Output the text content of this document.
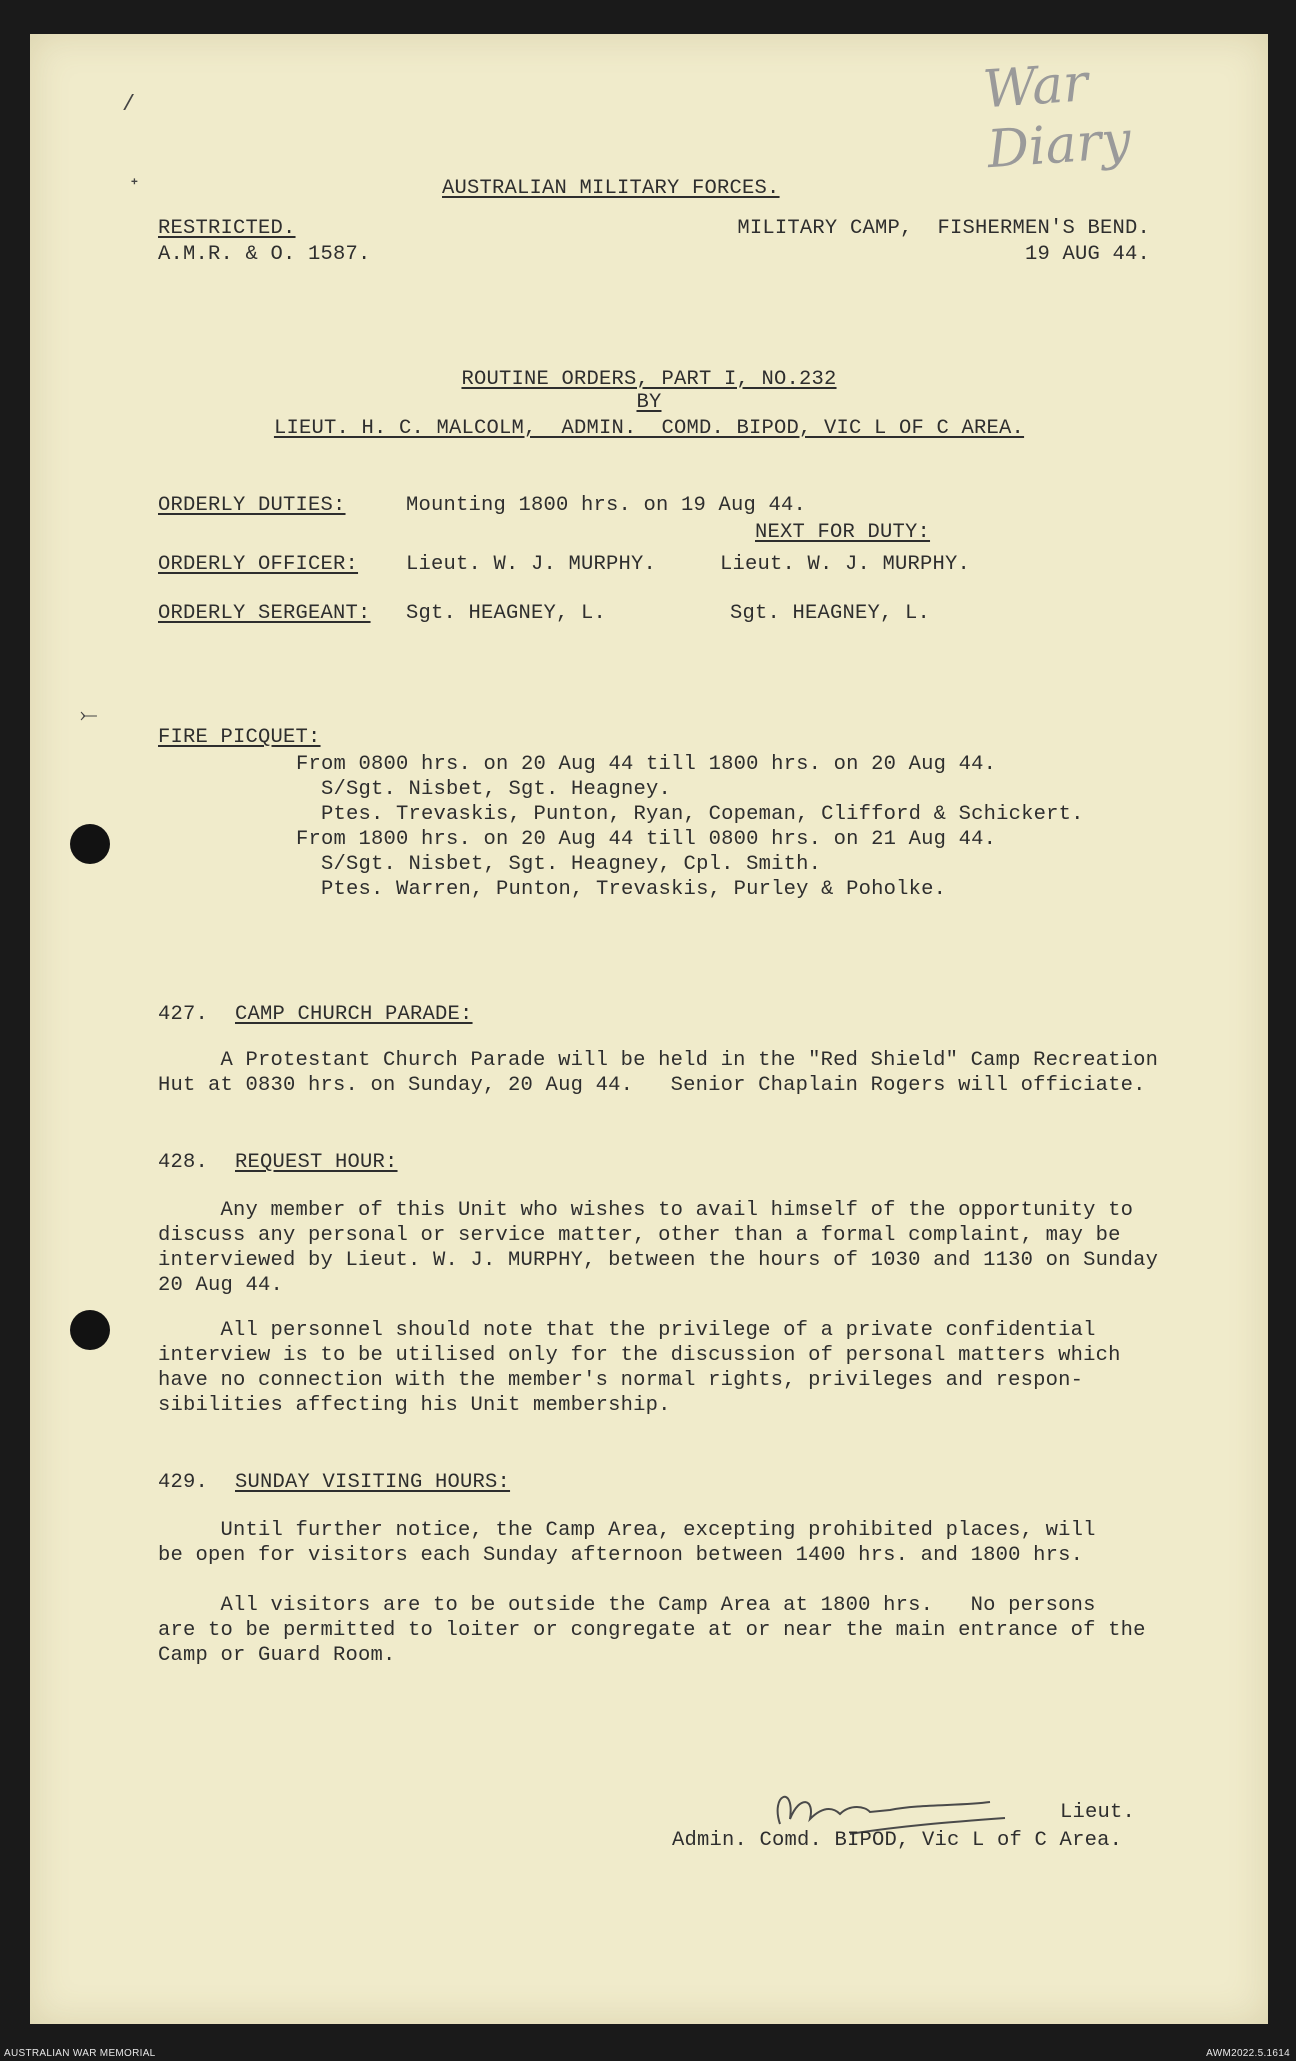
War Diary
/
ᐩ
⤚
AUSTRALIAN MILITARY FORCES.
RESTRICTED.
A.M.R. & O. 1587.
MILITARY CAMP,  FISHERMEN'S BEND.
19 AUG 44.
ROUTINE ORDERS, PART I, NO.232
BY
LIEUT. H. C. MALCOLM,  ADMIN.  COMD. BIPOD, VIC L OF C AREA.
ORDERLY DUTIES:	Mounting 1800 hrs. on 19 Aug 44.
NEXT FOR DUTY:
ORDERLY OFFICER: Lieut. W. J. MURPHY.	Lieut. W. J. MURPHY.
ORDERLY SERGEANT: Sgt. HEAGNEY, L.	Sgt. HEAGNEY, L.
FIRE PICQUET:
From 0800 hrs. on 20 Aug 44 till 1800 hrs. on 20 Aug 44.
S/Sgt. Nisbet, Sgt. Heagney.
Ptes. Trevaskis, Punton, Ryan, Copeman, Clifford & Schickert.
From 1800 hrs. on 20 Aug 44 till 0800 hrs. on 21 Aug 44.
S/Sgt. Nisbet, Sgt. Heagney, Cpl. Smith.
Ptes. Warren, Punton, Trevaskis, Purley & Poholke.
427. CAMP CHURCH PARADE:
A Protestant Church Parade will be held in the "Red Shield" Camp Recreation
Hut at 0830 hrs. on Sunday, 20 Aug 44.   Senior Chaplain Rogers will officiate.
428. REQUEST HOUR:
Any member of this Unit who wishes to avail himself of the opportunity to
discuss any personal or service matter, other than a formal complaint, may be
interviewed by Lieut. W. J. MURPHY, between the hours of 1030 and 1130 on Sunday
20 Aug 44.
All personnel should note that the privilege of a private confidential
interview is to be utilised only for the discussion of personal matters which
have no connection with the member's normal rights, privileges and respon-
sibilities affecting his Unit membership.
429. SUNDAY VISITING HOURS:
Until further notice, the Camp Area, excepting prohibited places, will
be open for visitors each Sunday afternoon between 1400 hrs. and 1800 hrs.
All visitors are to be outside the Camp Area at 1800 hrs.   No persons
are to be permitted to loiter or congregate at or near the main entrance of the
Camp or Guard Room.
Lieut.
Admin. Comd. BIPOD, Vic L of C Area.
AUSTRALIAN WAR MEMORIAL	AWM2022.5.1614
